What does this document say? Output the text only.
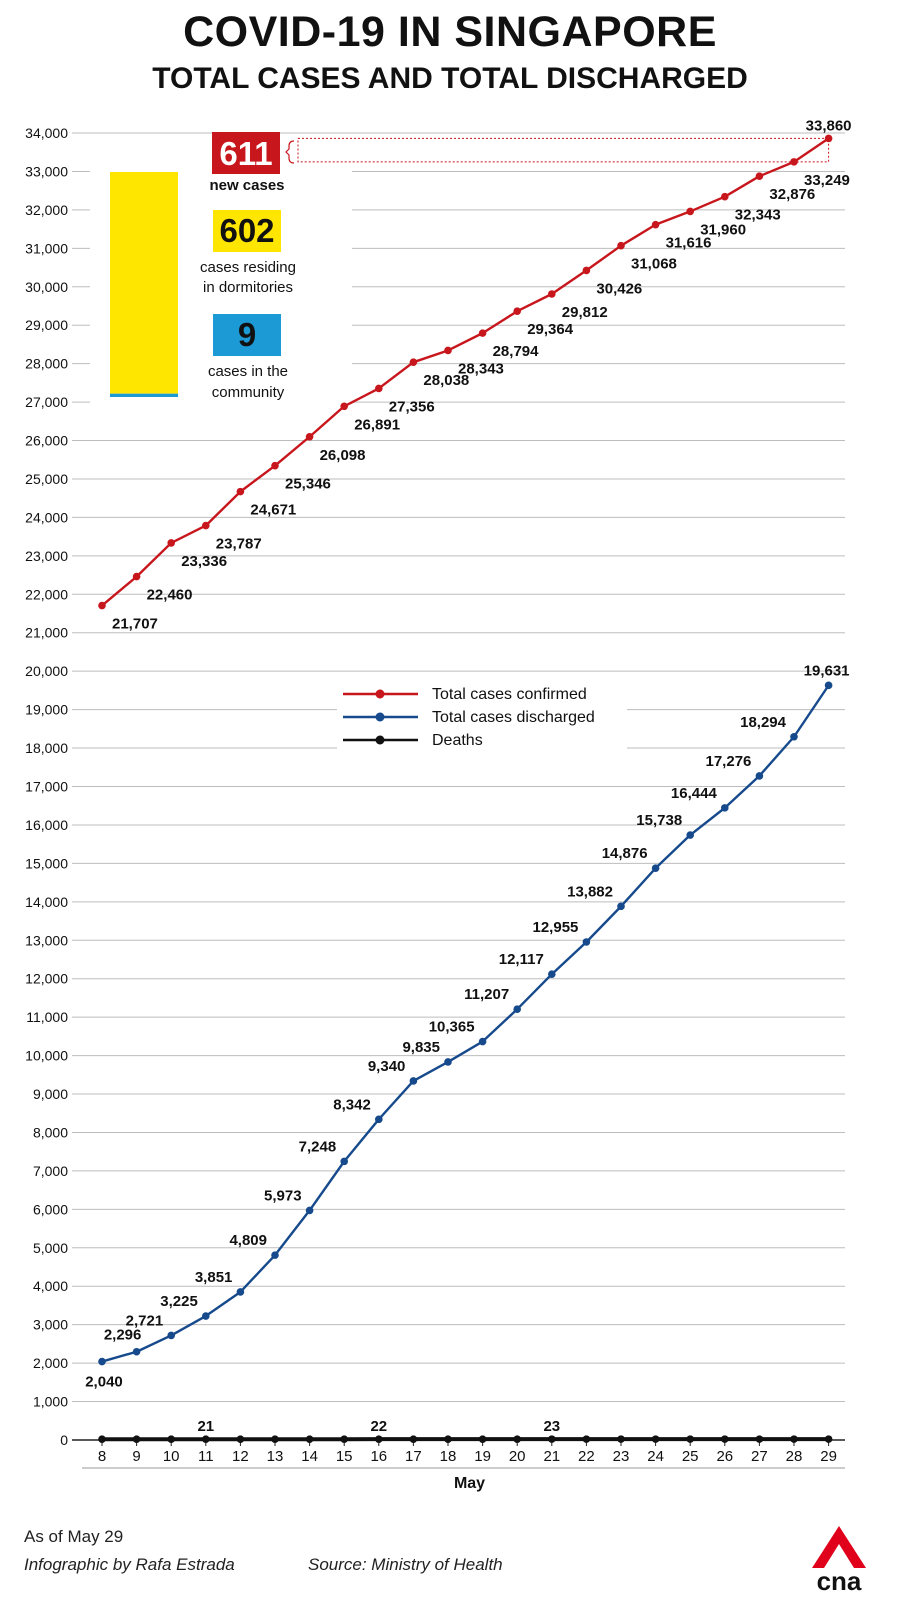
COVID-19 IN SINGAPORE
TOTAL CASES AND TOTAL DISCHARGED
0
1,000
2,000
3,000
4,000
5,000
6,000
7,000
8,000
9,000
10,000
11,000
12,000
13,000
14,000
15,000
16,000
17,000
18,000
19,000
20,000
21,000
22,000
23,000
24,000
25,000
26,000
27,000
28,000
29,000
30,000
31,000
32,000
33,000
34,000
8 9 10 11 12 13 14 15 16 17 18 19 20 21 22 23 24 25 26 27 28 29
May
21,707
22,460
23,336
23,787
24,671
25,346
26,098
26,891
27,356
28,038
28,343
28,794
29,364
29,812
30,426
31,068
31,616
31,960
32,343
32,876
33,249
33,860
2,040
2,296
2,721
3,225
3,851
4,809
5,973
7,248
8,342
9,340
9,835
10,365
11,207
12,117
12,955
13,882
14,876
15,738
16,444
17,276
18,294
19,631
21	22	23
Total cases confirmed
Total cases discharged
Deaths
611
new cases
602
cases residing
in dormitories
9
cases in the
community
As of May 29
Infographic by Rafa Estrada	Source: Ministry of Health
cna
